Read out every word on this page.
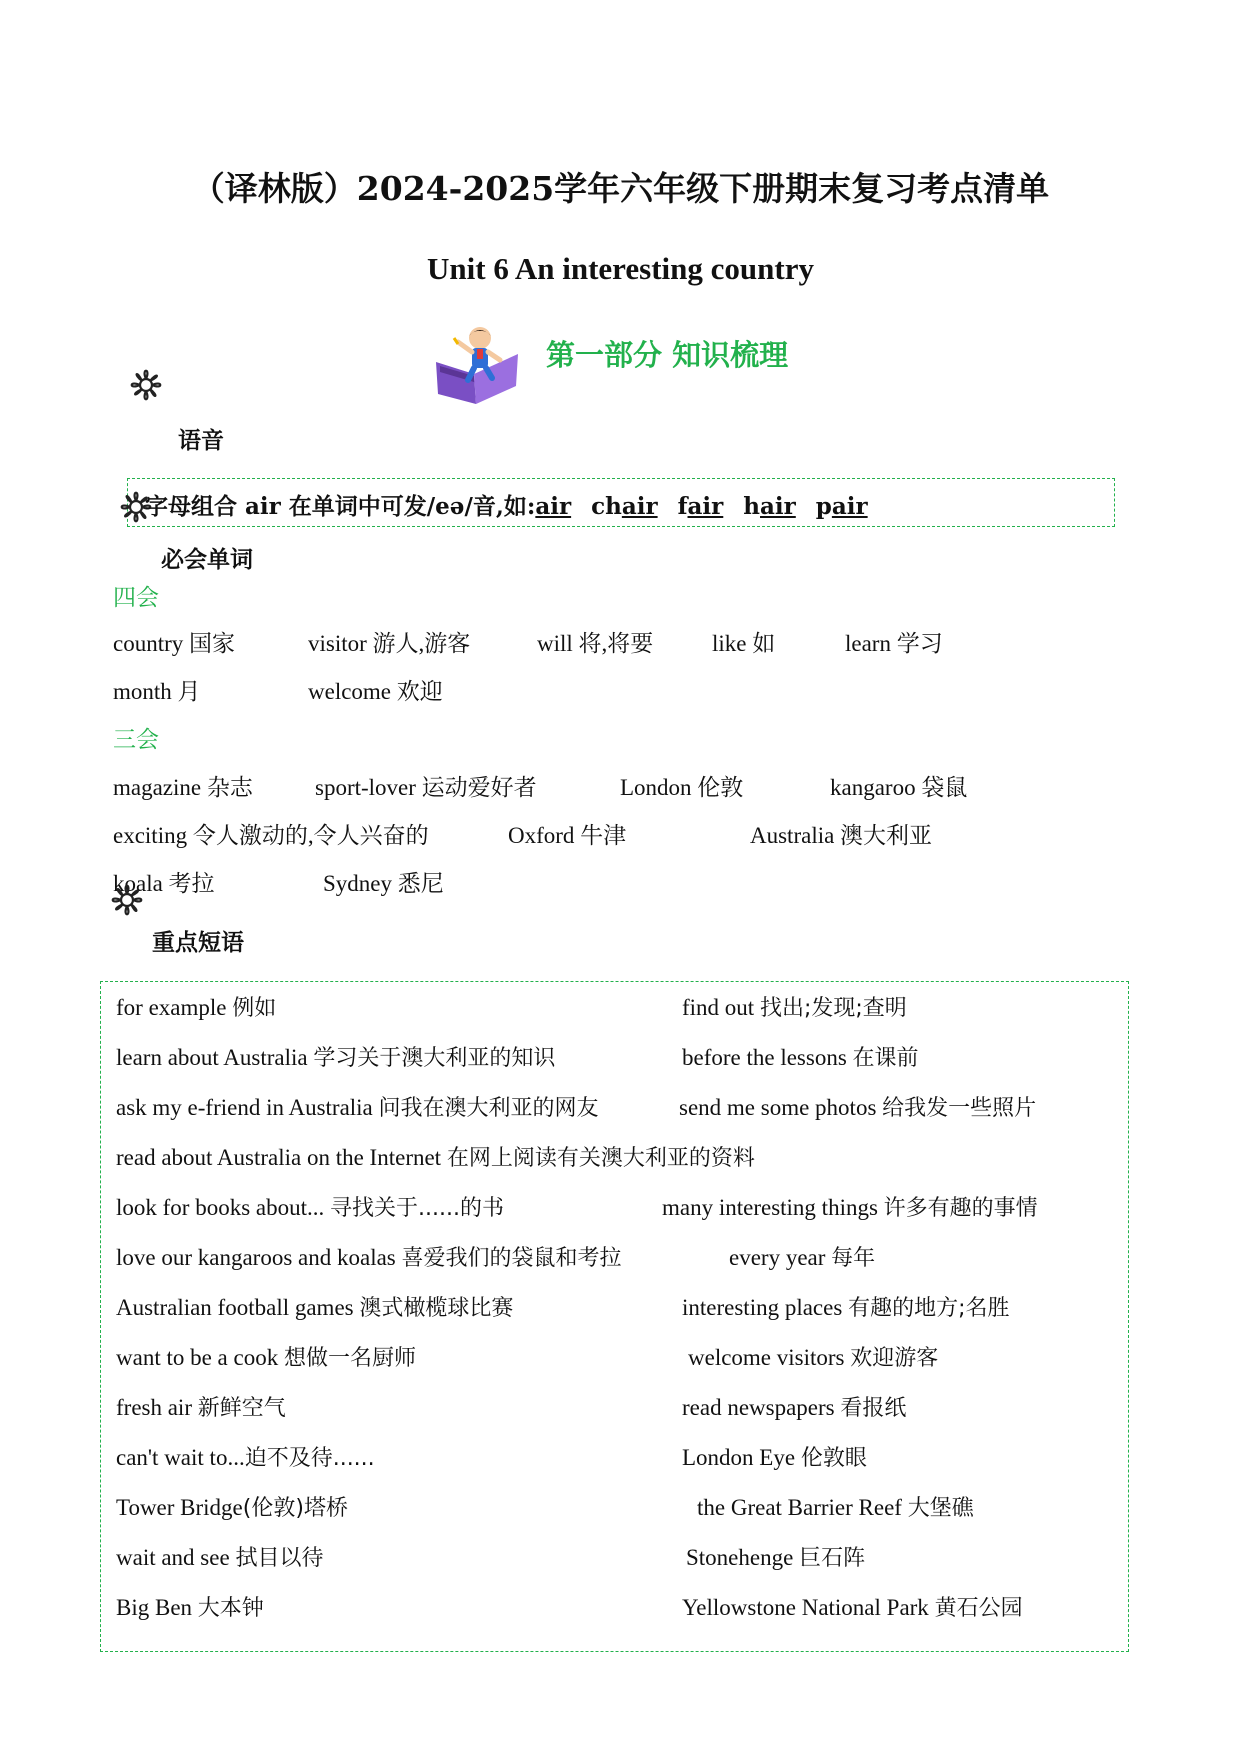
（译林版）2024-2025学年六年级下册期末复习考点清单
Unit 6 An interesting country
第一部分 知识梳理
语音
字母组合 air 在单词中可发/eə/音,如:air chair fair hair pair
必会单词
四会
country 国家	visitor 游人,游客	will 将,将要	like 如	learn 学习
month 月	welcome 欢迎
三会
magazine 杂志	sport-lover 运动爱好者	London 伦敦	kangaroo 袋鼠
exciting 令人激动的,令人兴奋的	Oxford 牛津	Australia 澳大利亚
koala 考拉	Sydney 悉尼
重点短语
for example 例如	find out 找出;发现;查明
learn about Australia 学习关于澳大利亚的知识	before the lessons 在课前
ask my e-friend in Australia 问我在澳大利亚的网友	send me some photos 给我发一些照片
read about Australia on the Internet 在网上阅读有关澳大利亚的资料
look for books about... 寻找关于......的书	many interesting things 许多有趣的事情
love our kangaroos and koalas 喜爱我们的袋鼠和考拉	every year 每年
Australian football games 澳式橄榄球比赛	interesting places 有趣的地方;名胜
want to be a cook 想做一名厨师	welcome visitors 欢迎游客
fresh air 新鲜空气	read newspapers 看报纸
can't wait to...迫不及待......	London Eye 伦敦眼
Tower Bridge(伦敦)塔桥	the Great Barrier Reef 大堡礁
wait and see 拭目以待	Stonehenge 巨石阵
Big Ben 大本钟	Yellowstone National Park 黄石公园
